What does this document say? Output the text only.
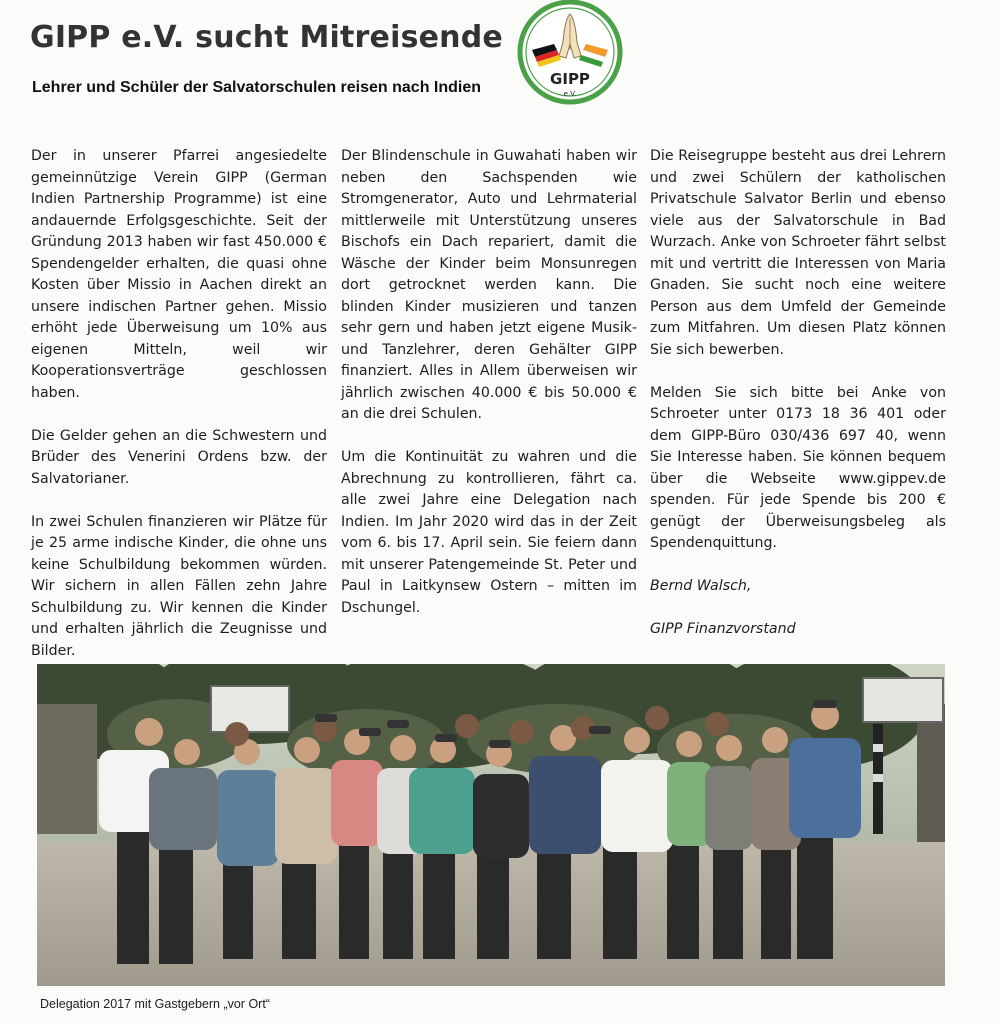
GIPP e.V. sucht Mitreisende
Lehrer und Schüler der Salvatorschulen reisen nach Indien	GIPP
e.V.

Der in unserer Pfarrei angesiedelte gemeinnützige Verein GIPP (German Indien Partnership Programme) ist eine andauernde Erfolgsgeschichte. Seit der Gründung 2013 haben wir fast 450.000 € Spendengelder erhalten, die quasi ohne Kosten über Missio in Aachen direkt an unsere indischen Partner gehen. Missio erhöht jede Überweisung um 10% aus eigenen Mitteln, weil wir Kooperationsverträge geschlossen haben.

Die Gelder gehen an die Schwestern und Brüder des Venerini Ordens bzw. der Salvatorianer.

In zwei Schulen finanzieren wir Plätze für je 25 arme indische Kinder, die ohne uns keine Schulbildung bekommen würden. Wir sichern in allen Fällen zehn Jahre Schulbildung zu. Wir kennen die Kinder und erhalten jährlich die Zeugnisse und Bilder.

Der Blindenschule in Guwahati haben wir neben den Sachspenden wie Stromgenerator, Auto und Lehrmaterial mittlerweile mit Unterstützung unseres Bischofs ein Dach repariert, damit die Wäsche der Kinder beim Monsunregen dort getrocknet werden kann. Die blinden Kinder musizieren und tanzen sehr gern und haben jetzt eigene Musik- und Tanzlehrer, deren Gehälter GIPP finanziert. Alles in Allem überweisen wir jährlich zwischen 40.000 € bis 50.000 € an die drei Schulen.

Um die Kontinuität zu wahren und die Abrechnung zu kontrollieren, fährt ca. alle zwei Jahre eine Delegation nach Indien. Im Jahr 2020 wird das in der Zeit vom 6. bis 17. April sein. Sie feiern dann mit unserer Patengemeinde St. Peter und Paul in Laitkynsew Ostern – mitten im Dschungel.

Die Reisegruppe besteht aus drei Lehrern und zwei Schülern der katholischen Privatschule Salvator Berlin und ebenso viele aus der Salvatorschule in Bad Wurzach. Anke von Schroeter fährt selbst mit und vertritt die Interessen von Maria Gnaden. Sie sucht noch eine weitere Person aus dem Umfeld der Gemeinde zum Mitfahren. Um diesen Platz können Sie sich bewerben.

Melden Sie sich bitte bei Anke von Schroeter unter 0173 18 36 401 oder dem GIPP-Büro 030/436 697 40, wenn Sie Interesse haben. Sie können bequem über die Webseite www.gippev.de spenden. Für jede Spende bis 200 € genügt der Überweisungsbeleg als Spendenquittung.

Bernd Walsch,

GIPP Finanzvorstand

Delegation 2017 mit Gastgebern „vor Ort“
